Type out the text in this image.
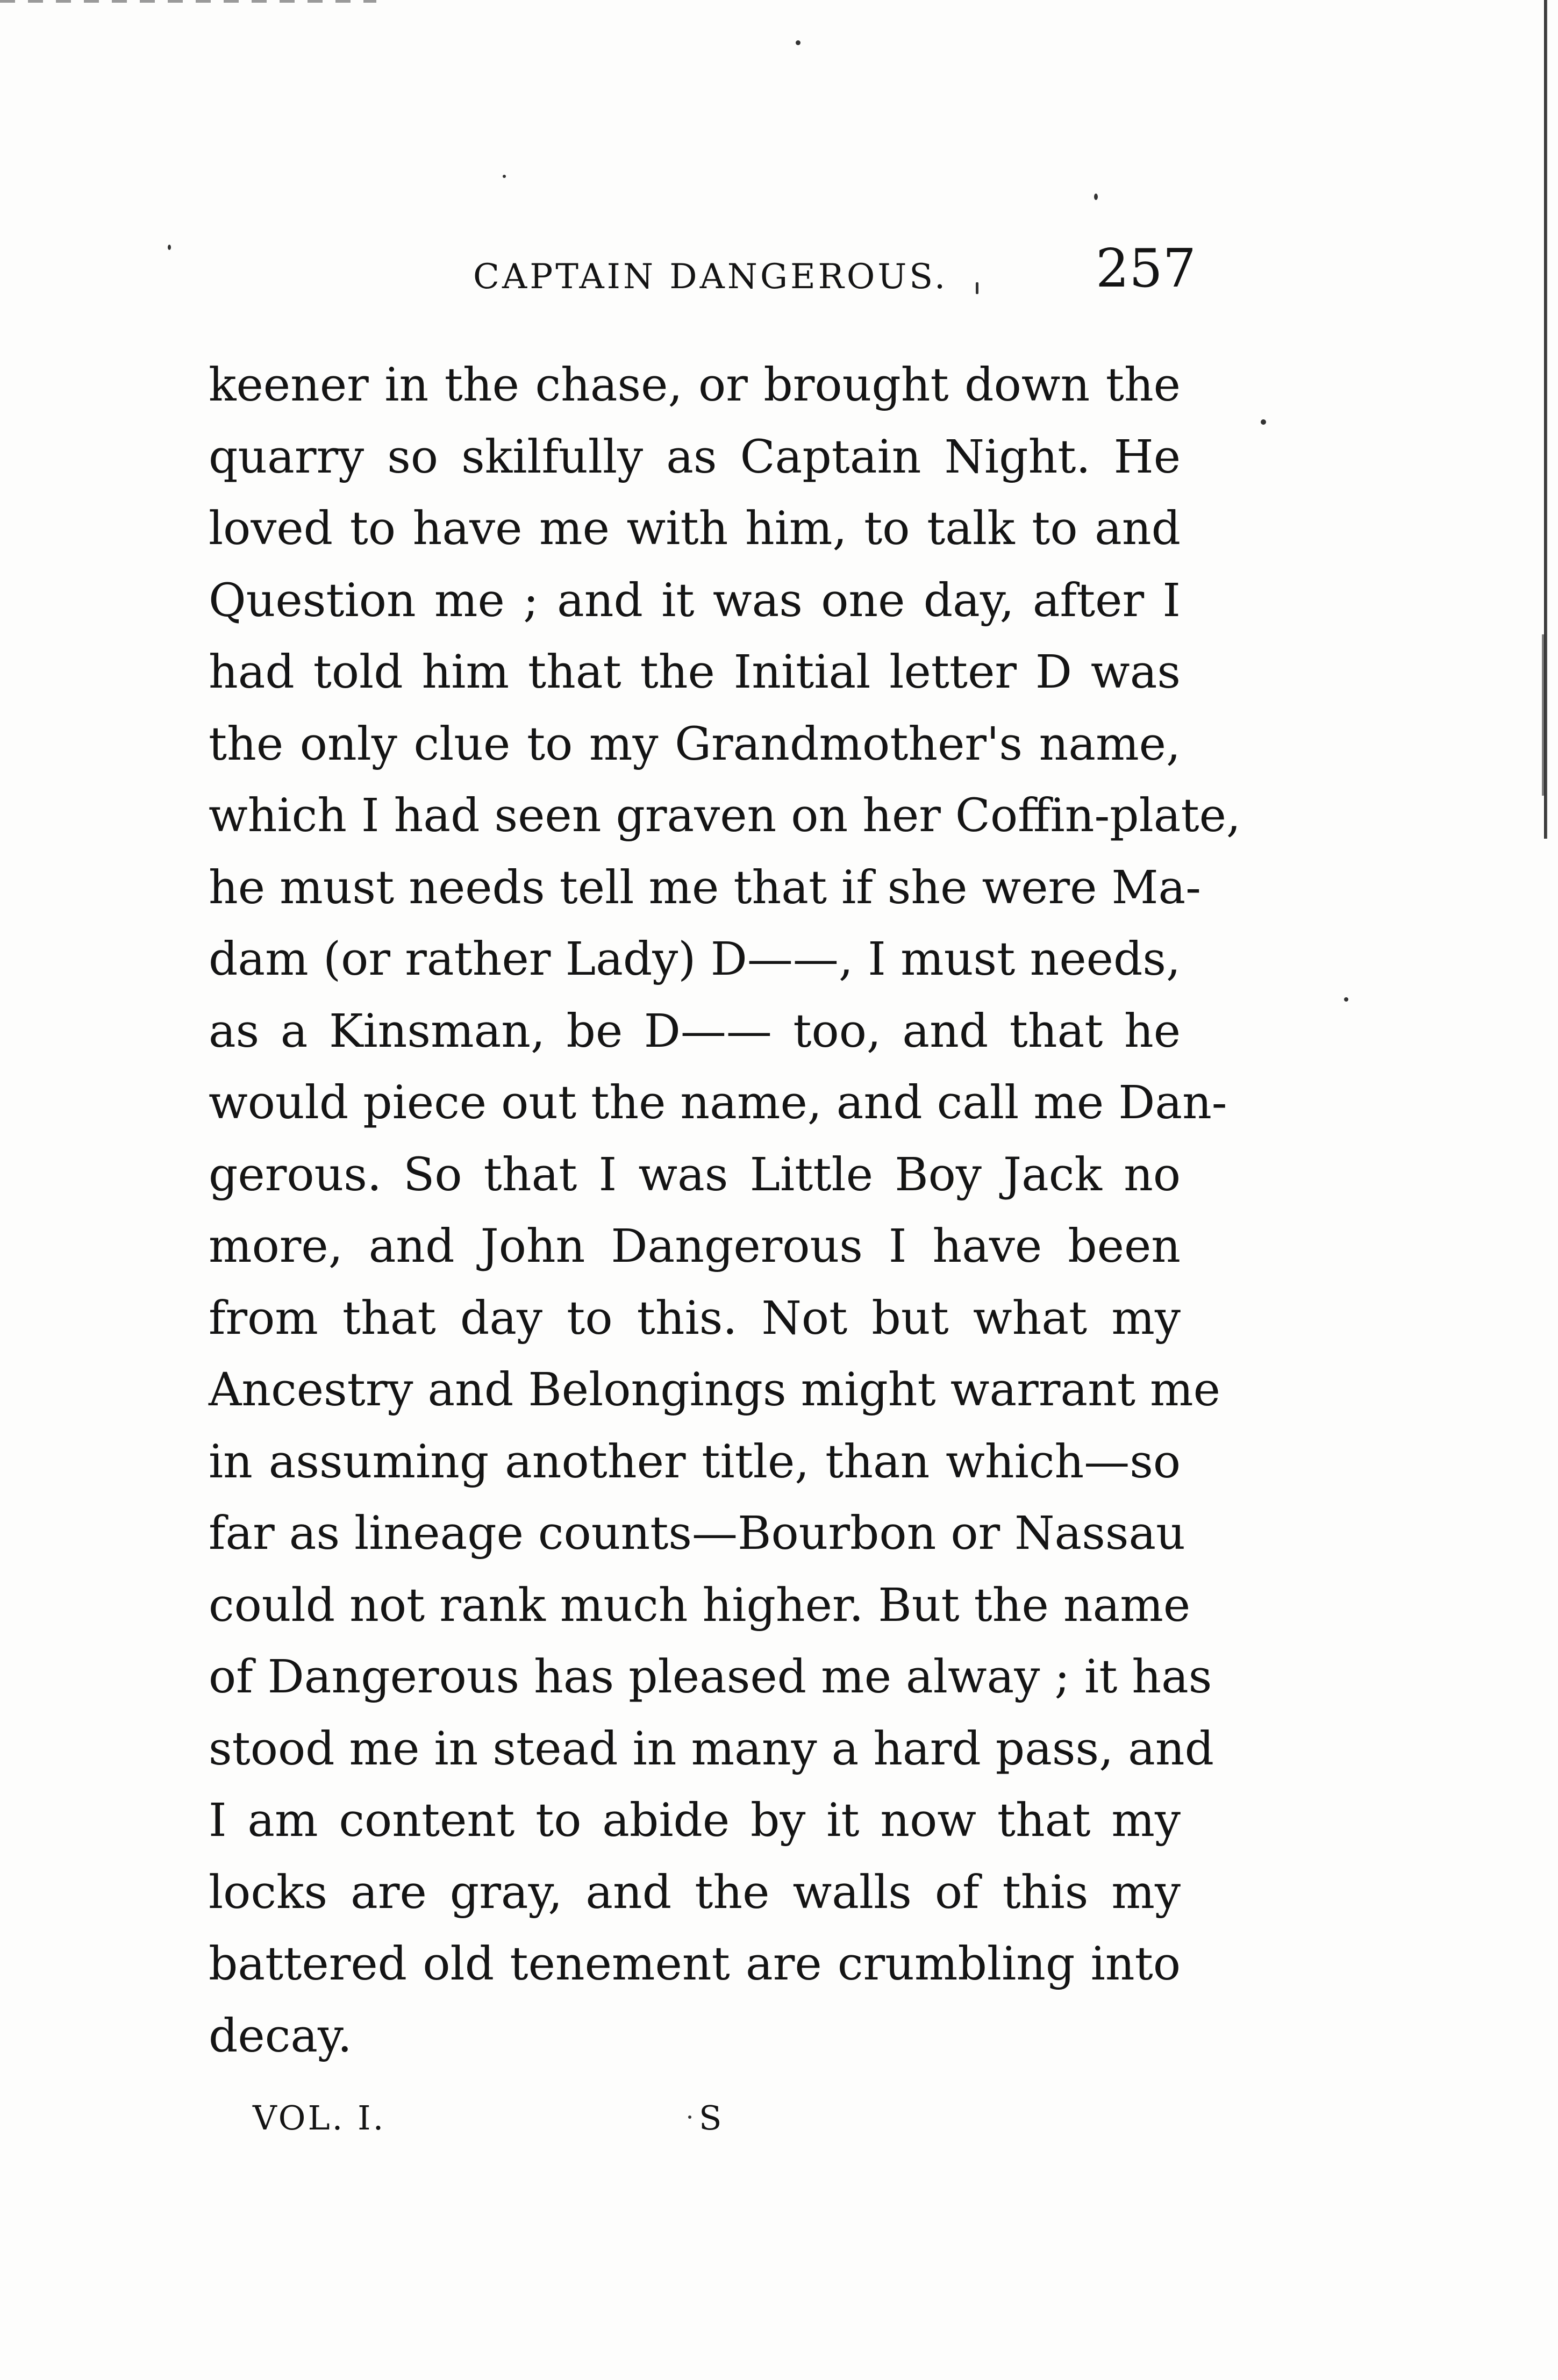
CAPTAIN DANGEROUS.	257
keener in the chase, or brought down the
quarry so skilfully as Captain Night. He
loved to have me with him, to talk to and
Question me ; and it was one day, after I
had told him that the Initial letter D was
the only clue to my Grandmother's name,
which I had seen graven on her Coffin-plate,
he must needs tell me that if she were Ma-
dam (or rather Lady) D——, I must needs,
as a Kinsman, be D—— too, and that he
would piece out the name, and call me Dan-
gerous. So that I was Little Boy Jack no
more, and John Dangerous I have been
from that day to this. Not but what my
Ancestry and Belongings might warrant me
in assuming another title, than which—so
far as lineage counts—Bourbon or Nassau
could not rank much higher. But the name
of Dangerous has pleased me alway ; it has
stood me in stead in many a hard pass, and
I am content to abide by it now that my
locks are gray, and the walls of this my
battered old tenement are crumbling into
decay.
VOL. I.	S
